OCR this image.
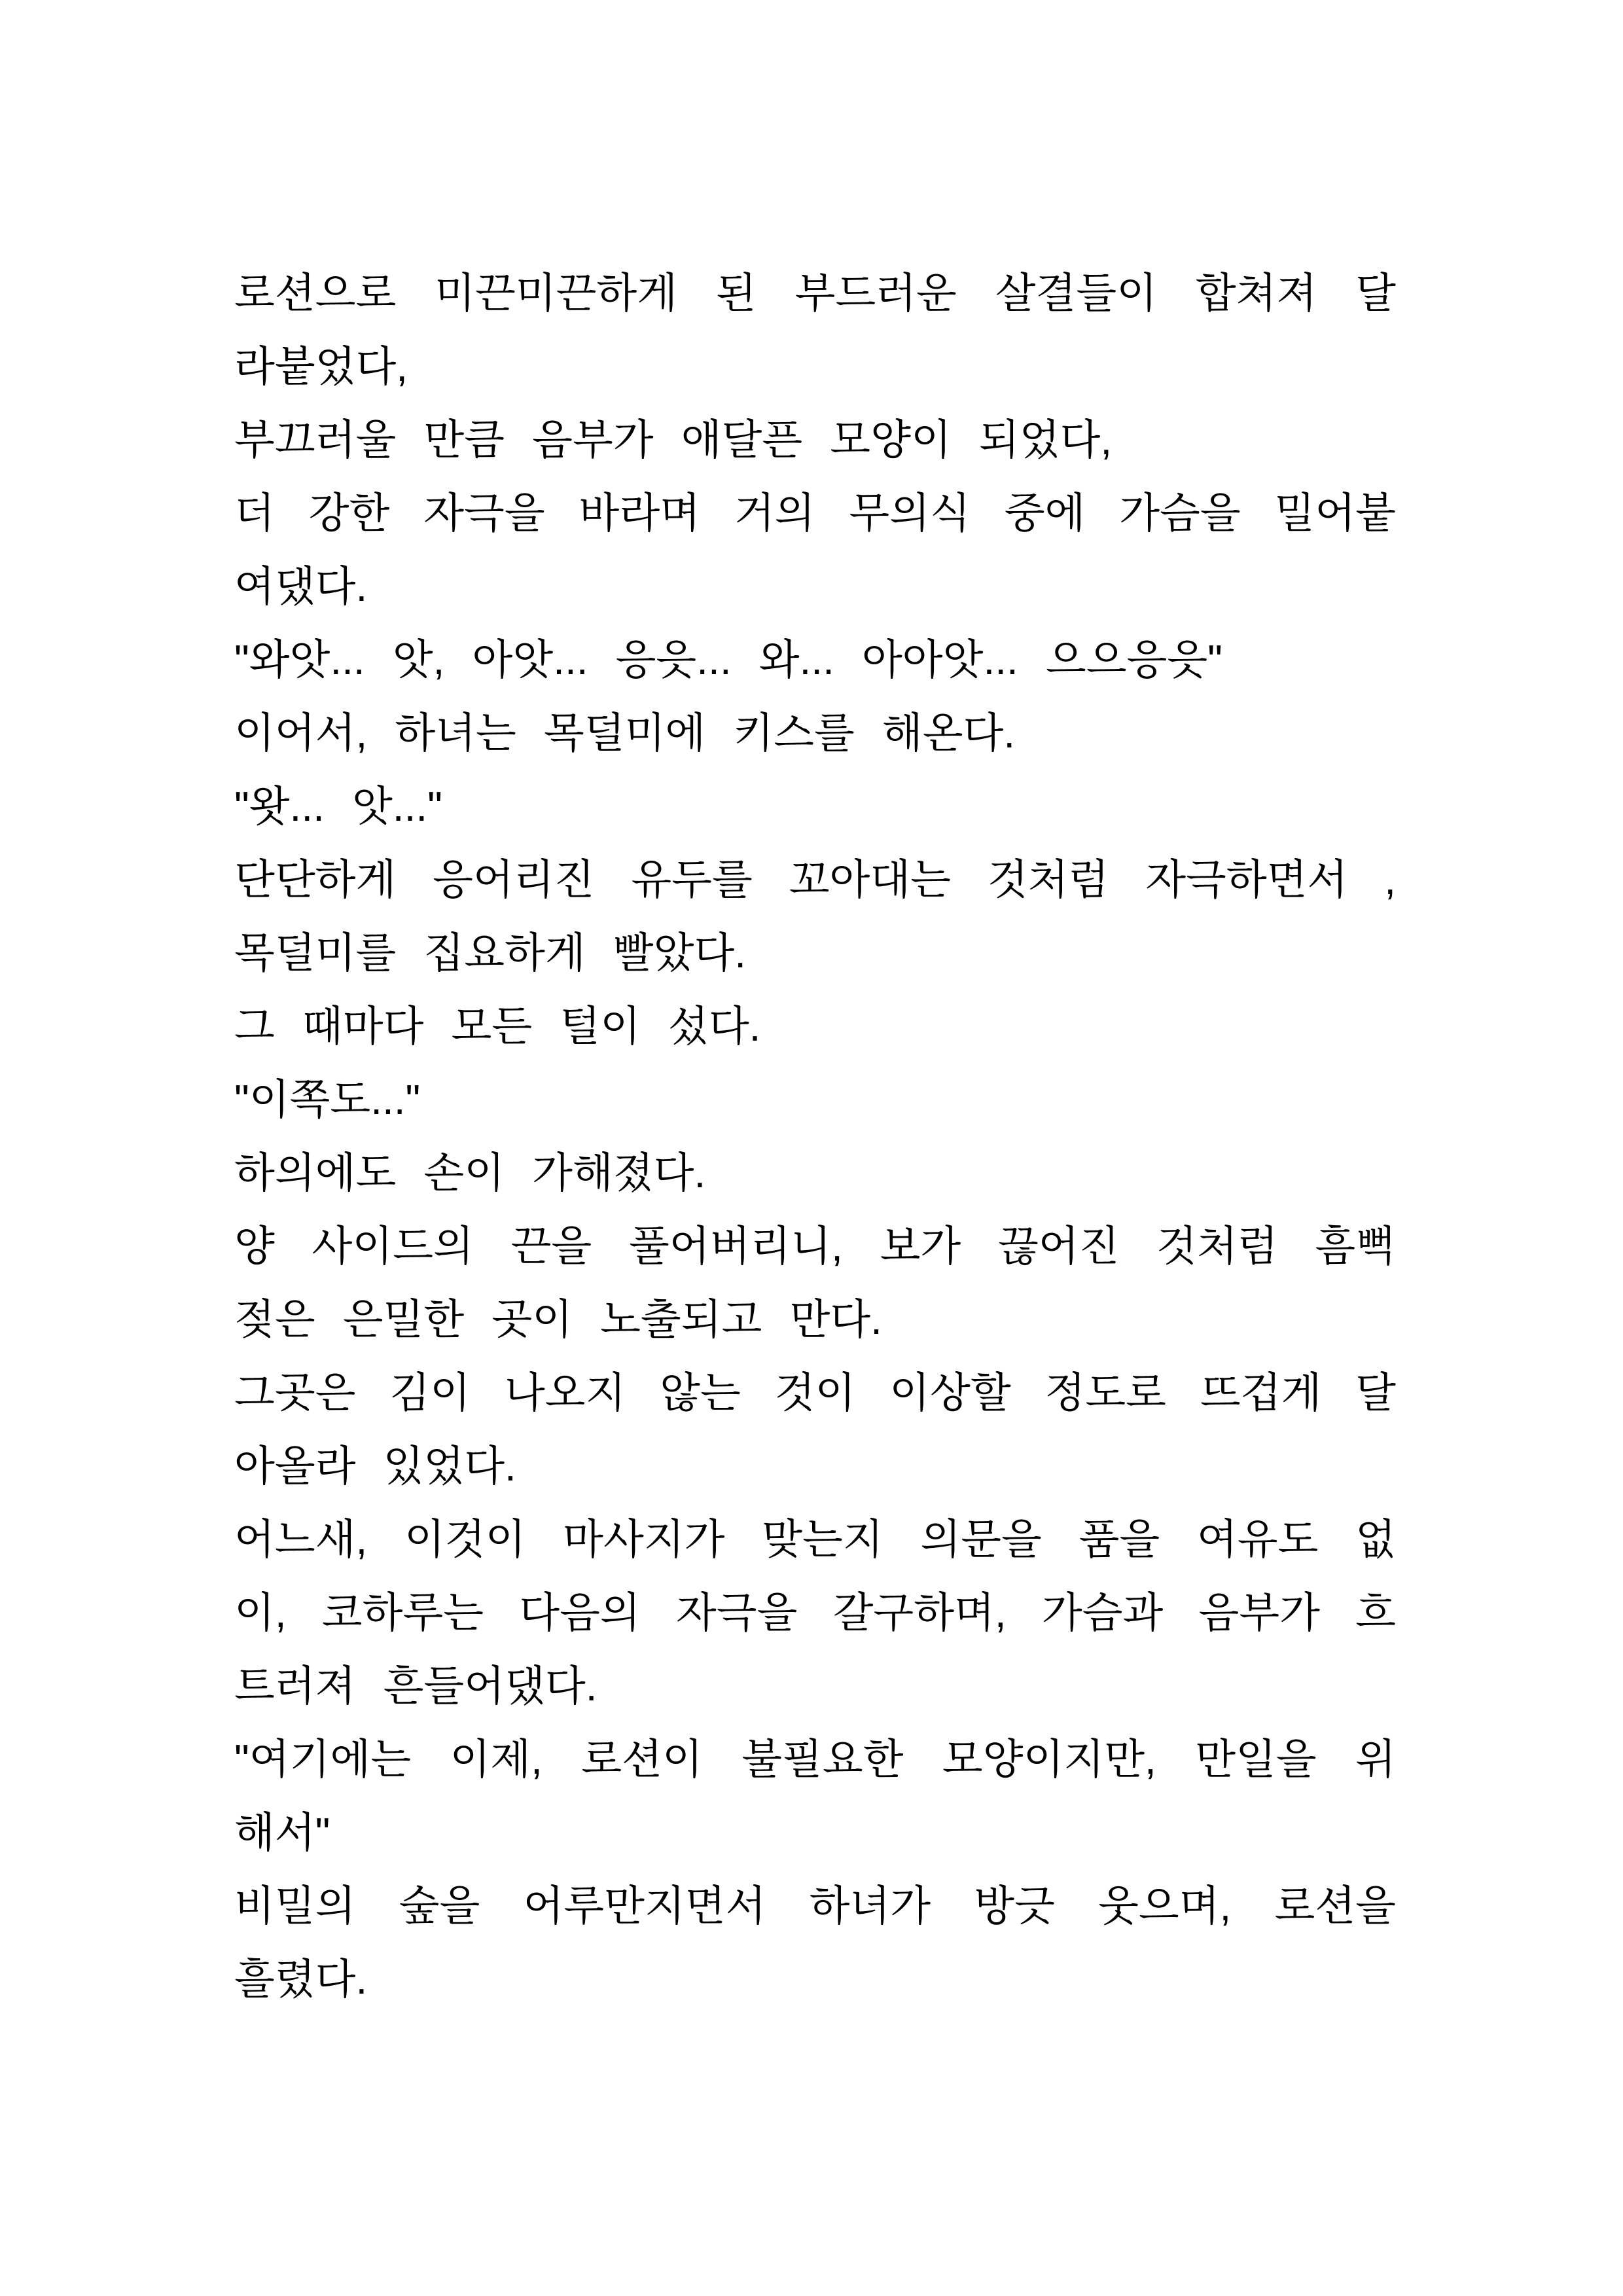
로션으로 미끈미끈하게 된 부드러운 살결들이 합쳐져 달
라붙었다,
부끄러울 만큼 음부가 애달픈 모양이 되었다,
더 강한 자극을 바라며 거의 무의식 중에 가슴을 밀어붙
여댔다.
"와앗... 앗, 아앗... 응읏... 와... 아아앗... 으으응읏"
이어서, 하녀는 목덜미에 키스를 해온다.
"왓... 앗..."
단단하게 응어리진 유두를 꼬아대는 것처럼 자극하면서 ,
목덜미를 집요하게 빨았다.
그 때마다 모든 털이 섰다.
"이쪽도..."
하의에도 손이 가해졌다.
양 사이드의 끈을 풀어버리니, 보가 끊어진 것처럼 흠뻑
젖은 은밀한 곳이 노출되고 만다.
그곳은 김이 나오지 않는 것이 이상할 정도로 뜨겁게 달
아올라 있었다.
어느새, 이것이 마사지가 맞는지 의문을 품을 여유도 없
이, 코하루는 다음의 자극을 갈구하며, 가슴과 음부가 흐
트러져 흔들어댔다.
"여기에는 이제, 로션이 불필요한 모양이지만, 만일을 위
해서"
비밀의 숲을 어루만지면서 하녀가 방긋 웃으며, 로션을
흘렸다.
